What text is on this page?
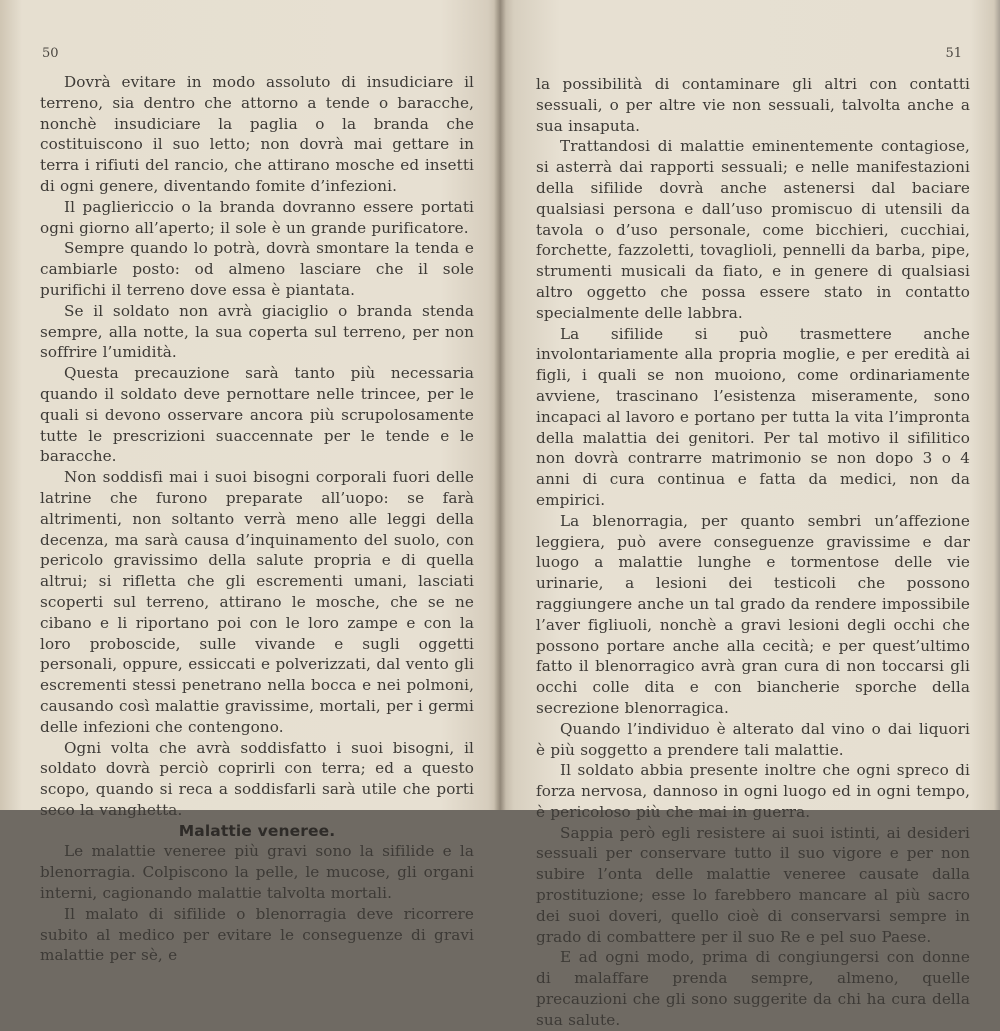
50

Dovrà evitare in modo assoluto di insudiciare il terreno, sia dentro che attorno a tende o baracche, nonchè insudiciare la paglia o la branda che costituiscono il suo letto; non dovrà mai gettare in terra i rifiuti del rancio, che attirano mosche ed insetti di ogni genere, diventando fomite d’infezioni.

Il pagliericcio o la branda dovranno essere portati ogni giorno all’aperto; il sole è un grande purificatore.

Sempre quando lo potrà, dovrà smontare la tenda e cambiarle posto: od almeno lasciare che il sole purifichi il terreno dove essa è piantata.

Se il soldato non avrà giaciglio o branda stenda sempre, alla notte, la sua coperta sul terreno, per non soffrire l’umidità.

Questa precauzione sarà tanto più necessaria quando il soldato deve pernottare nelle trincee, per le quali si devono osservare ancora più scrupolosamente tutte le prescrizioni suaccennate per le tende e le baracche.

Non soddisfi mai i suoi bisogni corporali fuori delle latrine che furono preparate all’uopo: se farà altrimenti, non soltanto verrà meno alle leggi della decenza, ma sarà causa d’inquinamento del suolo, con pericolo gravissimo della salute propria e di quella altrui; si rifletta che gli escrementi umani, lasciati scoperti sul terreno, attirano le mosche, che se ne cibano e li riportano poi con le loro zampe e con la loro proboscide, sulle vivande e sugli oggetti personali, oppure, essiccati e polverizzati, dal vento gli escrementi stessi penetrano nella bocca e nei polmoni, causando così malattie gravissime, mortali, per i germi delle infezioni che contengono.

Ogni volta che avrà soddisfatto i suoi bisogni, il soldato dovrà perciò coprirli con terra; ed a questo scopo, quando si reca a soddisfarli sarà utile che porti seco la vanghetta.

Malattie veneree.

Le malattie veneree più gravi sono la sifilide e la blenorragia. Colpiscono la pelle, le mucose, gli organi interni, cagionando malattie talvolta mortali.

Il malato di sifilide o blenorragia deve ricorrere subito al medico per evitare le conseguenze di gravi malattie per sè, e

51

la possibilità di contaminare gli altri con contatti sessuali, o per altre vie non sessuali, talvolta anche a sua insaputa.

Trattandosi di malattie eminentemente contagiose, si asterrà dai rapporti sessuali; e nelle manifestazioni della sifilide dovrà anche astenersi dal baciare qualsiasi persona e dall’uso promiscuo di utensili da tavola o d’uso personale, come bicchieri, cucchiai, forchette, fazzoletti, tovaglioli, pennelli da barba, pipe, strumenti musicali da fiato, e in genere di qualsiasi altro oggetto che possa essere stato in contatto specialmente delle labbra.

La sifilide si può trasmettere anche involontariamente alla propria moglie, e per eredità ai figli, i quali se non muoiono, come ordinariamente avviene, trascinano l’esistenza miseramente, sono incapaci al lavoro e portano per tutta la vita l’impronta della malattia dei genitori. Per tal motivo il sifilitico non dovrà contrarre matrimonio se non dopo 3 o 4 anni di cura continua e fatta da medici, non da empirici.

La blenorragia, per quanto sembri un’affezione leggiera, può avere conseguenze gravissime e dar luogo a malattie lunghe e tormentose delle vie urinarie, a lesioni dei testicoli che possono raggiungere anche un tal grado da rendere impossibile l’aver figliuoli, nonchè a gravi lesioni degli occhi che possono portare anche alla cecità; e per quest’ultimo fatto il blenorragico avrà gran cura di non toccarsi gli occhi colle dita e con biancherie sporche della secrezione blenorragica.

Quando l’individuo è alterato dal vino o dai liquori è più soggetto a prendere tali malattie.

Il soldato abbia presente inoltre che ogni spreco di forza nervosa, dannoso in ogni luogo ed in ogni tempo, è pericoloso più che mai in guerra.

Sappia però egli resistere ai suoi istinti, ai desideri sessuali per conservare tutto il suo vigore e per non subire l’onta delle malattie veneree causate dalla prostituzione; esse lo farebbero mancare al più sacro dei suoi doveri, quello cioè di conservarsi sempre in grado di combattere per il suo Re e pel suo Paese.

E ad ogni modo, prima di congiungersi con donne di malaffare prenda sempre, almeno, quelle precauzioni che gli sono suggerite da chi ha cura della sua salute.
